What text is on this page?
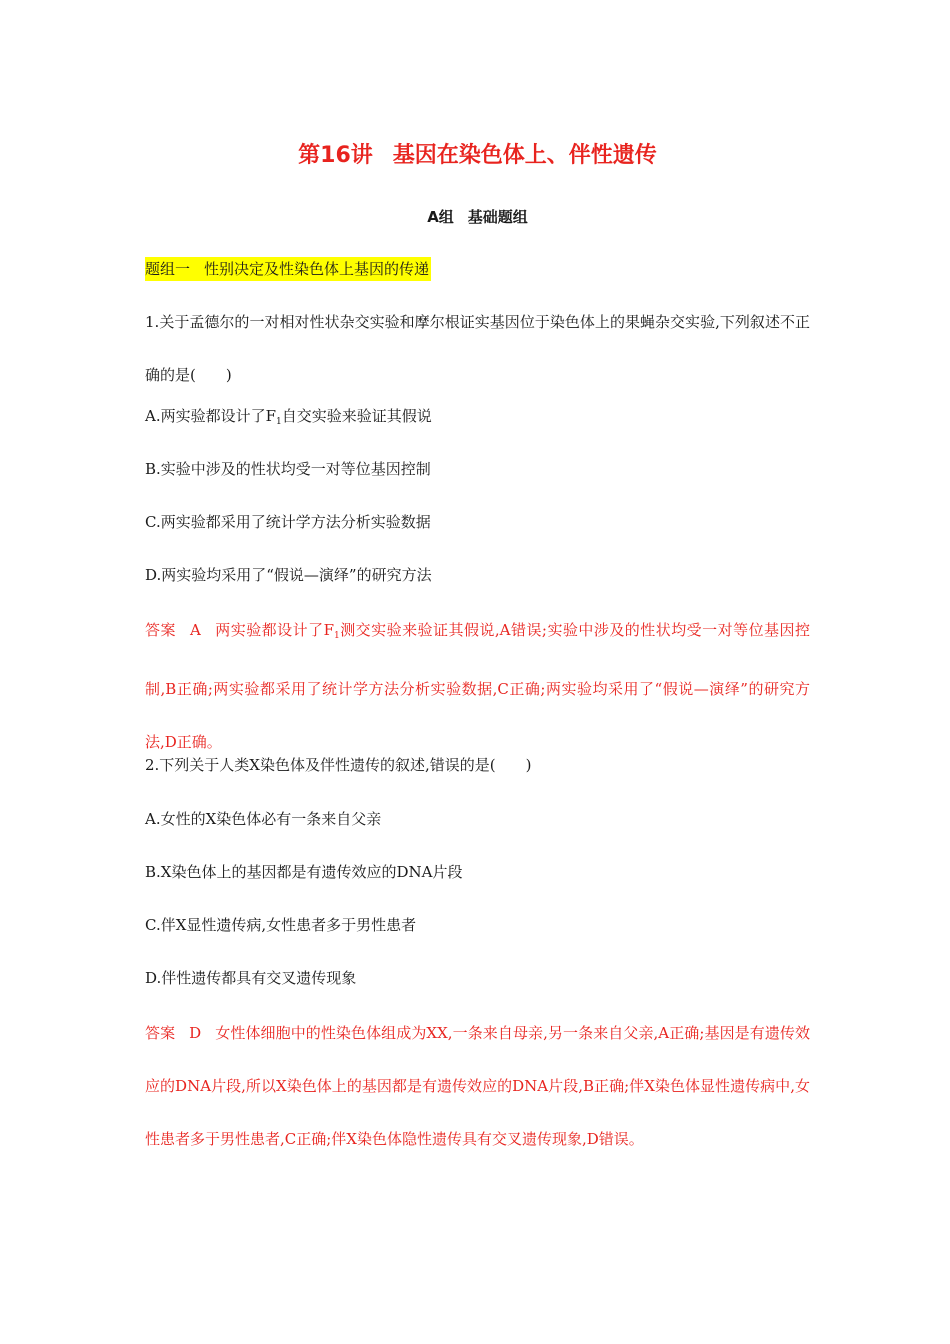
第16讲 基因在染色体上、伴性遗传
A组 基础题组
题组一 性别决定及性染色体上基因的传递
1.关于孟德尔的一对相对性状杂交实验和摩尔根证实基因位于染色体上的果蝇杂交实验,下列叙述不正确的是(　　)
A.两实验都设计了$F_1$自交实验来验证其假说
B.实验中涉及的性状均受一对等位基因控制
C.两实验都采用了统计学方法分析实验数据
D.两实验均采用了“假说—演绎”的研究方法
答案 A 两实验都设计了$F_1$测交实验来验证其假说,A错误;实验中涉及的性状均受一对等位基因控制,B正确;两实验都采用了统计学方法分析实验数据,C正确;两实验均采用了“假说—演绎”的研究方法,D正确。
2.下列关于人类X染色体及伴性遗传的叙述,错误的是(　　)
A.女性的X染色体必有一条来自父亲
B.X染色体上的基因都是有遗传效应的DNA片段
C.伴X显性遗传病,女性患者多于男性患者
D.伴性遗传都具有交叉遗传现象
答案 D 女性体细胞中的性染色体组成为XX,一条来自母亲,另一条来自父亲,A正确;基因是有遗传效应的DNA片段,所以X染色体上的基因都是有遗传效应的DNA片段,B正确;伴X染色体显性遗传病中,女性患者多于男性患者,C正确;伴X染色体隐性遗传具有交叉遗传现象,D错误。
